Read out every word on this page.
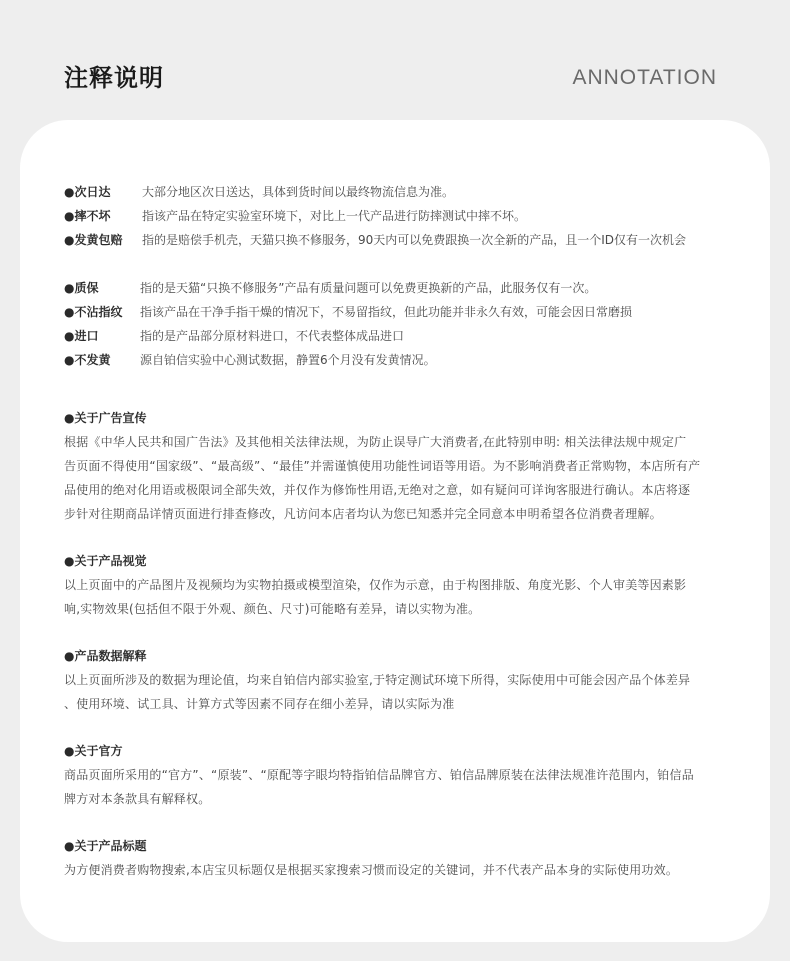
注释说明	ANNOTATION
●次日达	大部分地区次日送达，具体到货时间以最终物流信息为准。
●摔不坏	指该产品在特定实验室环境下，对比上一代产品进行防摔测试中摔不坏。
●发黄包赔	指的是赔偿手机壳，天猫只换不修服务，90天内可以免费跟换一次全新的产品，且一个ID仅有一次机会
●质保	指的是天猫“只换不修服务”产品有质量问题可以免费更换新的产品，此服务仅有一次。
●不沾指纹	指该产品在干净手指干燥的情况下，不易留指纹，但此功能并非永久有效，可能会因日常磨损
●进口	指的是产品部分原材料进口，不代表整体成品进口
●不发黄	源自铂信实验中心测试数据，静置6个月没有发黄情况。
●关于广告宣传
根据《中华人民共和国广告法》及其他相关法律法规，为防止误导广大消费者,在此特别申明: 相关法律法规中规定广
告页面不得使用“国家级”、“最高级”、“最佳”并需谨慎使用功能性词语等用语。为不影响消费者正常购物，本店所有产
品使用的绝对化用语或极限词全部失效，并仅作为修饰性用语,无绝对之意，如有疑问可详询客服进行确认。本店将逐
步针对往期商品详情页面进行排查修改，凡访问本店者均认为您已知悉并完全同意本申明希望各位消费者理解。
●关于产品视觉
以上页面中的产品图片及视频均为实物拍摄或模型渲染，仅作为示意，由于构图排版、角度光影、个人审美等因素影
响,实物效果(包括但不限于外观、颜色、尺寸)可能略有差异，请以实物为准。
●产品数据解释
以上页面所涉及的数据为理论值，均来自铂信内部实验室,于特定测试环境下所得，实际使用中可能会因产品个体差异
、使用环境、试工具、计算方式等因素不同存在细小差异，请以实际为准
●关于官方
商品页面所采用的“官方”、“原装”、“原配等字眼均特指铂信品牌官方、铂信品牌原装在法律法规准许范围内，铂信品
牌方对本条款具有解释权。
●关于产品标题
为方便消费者购物搜索,本店宝贝标题仅是根据买家搜索习惯而设定的关键词，并不代表产品本身的实际使用功效。
